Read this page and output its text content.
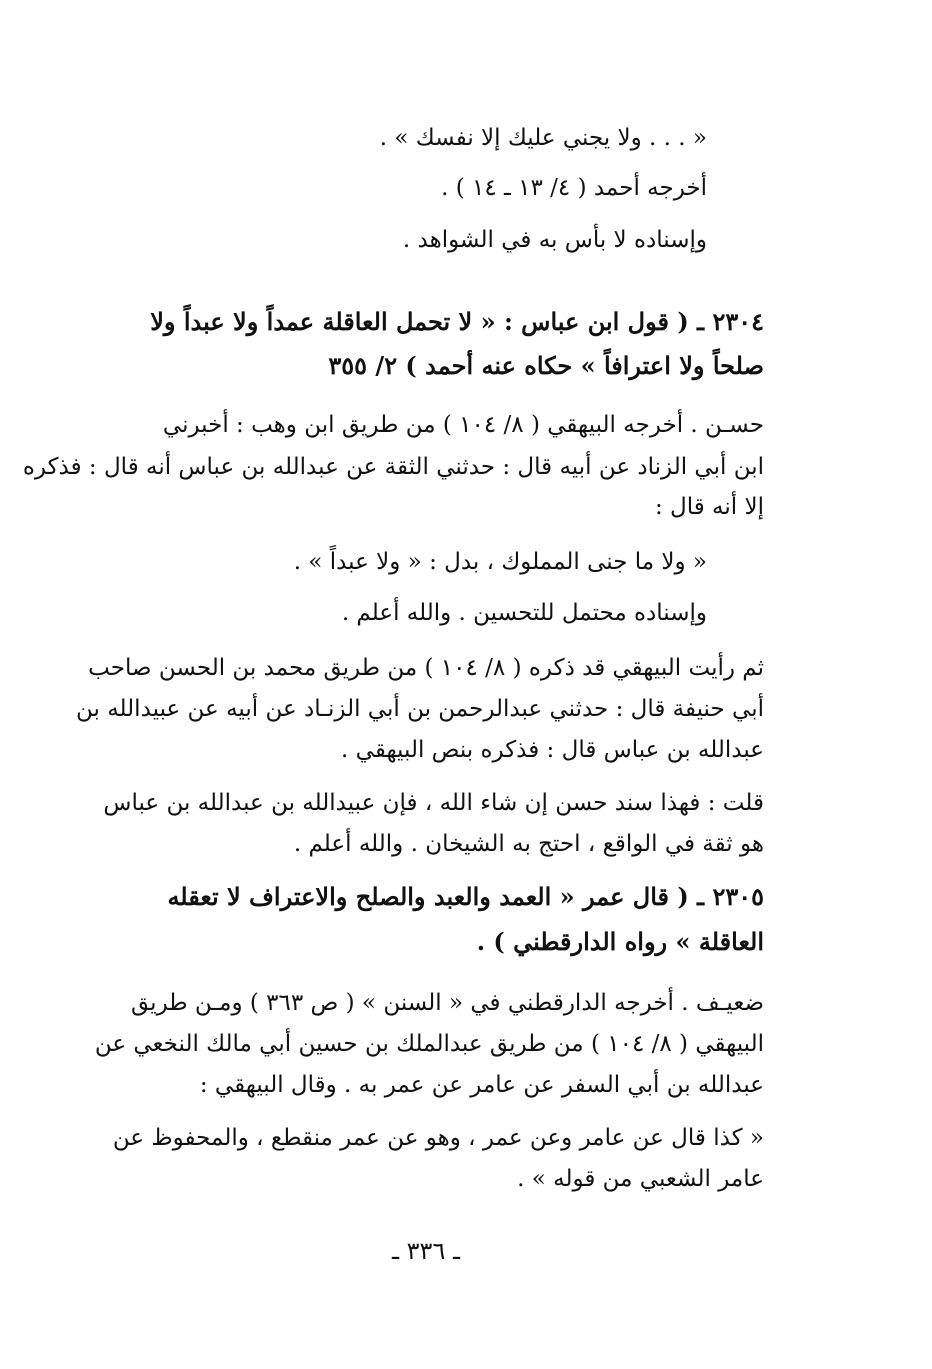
« . . . ولا يجني عليك إلا نفسك » .
أخرجه أحمد ( ٤/ ١٣ ـ ١٤ ) .
وإسناده لا بأس به في الشواهد .
٢٣٠٤ ـ ( قول ابن عباس : « لا تحمل العاقلة عمداً ولا عبداً ولا
صلحاً ولا اعترافاً » حكاه عنه أحمد ) ٢/ ٣٥٥
حسـن . أخرجه البيهقي ( ٨/ ١٠٤ ) من طريق ابن وهب : أخبرني
ابن أبي الزناد عن أبيه قال : حدثني الثقة عن عبدالله بن عباس أنه قال : فذكره
إلا أنه قال :
« ولا ما جنى المملوك ، بدل : « ولا عبداً » .
وإسناده محتمل للتحسين . والله أعلم .
ثم رأيت البيهقي قد ذكره ( ٨/ ١٠٤ ) من طريق محمد بن الحسن صاحب
أبي حنيفة قال : حدثني عبدالرحمن بن أبي الزنـاد عن أبيه عن عبيدالله بن
عبدالله بن عباس قال : فذكره بنص البيهقي .
قلت : فهذا سند حسن إن شاء الله ، فإن عبيدالله بن عبدالله بن عباس
هو ثقة في الواقع ، احتج به الشيخان . والله أعلم .
٢٣٠٥ ـ ( قال عمر « العمد والعبد والصلح والاعتراف لا تعقله
العاقلة » رواه الدارقطني ) .
ضعيـف . أخرجه الدارقطني في « السنن » ( ص ٣٦٣ ) ومـن طريق
البيهقي ( ٨/ ١٠٤ ) من طريق عبدالملك بن حسين أبي مالك النخعي عن
عبدالله بن أبي السفر عن عامر عن عمر به . وقال البيهقي :
« كذا قال عن عامر وعن عمر ، وهو عن عمر منقطع ، والمحفوظ عن
عامر الشعبي من قوله » .
ـ ٣٣٦ ـ
